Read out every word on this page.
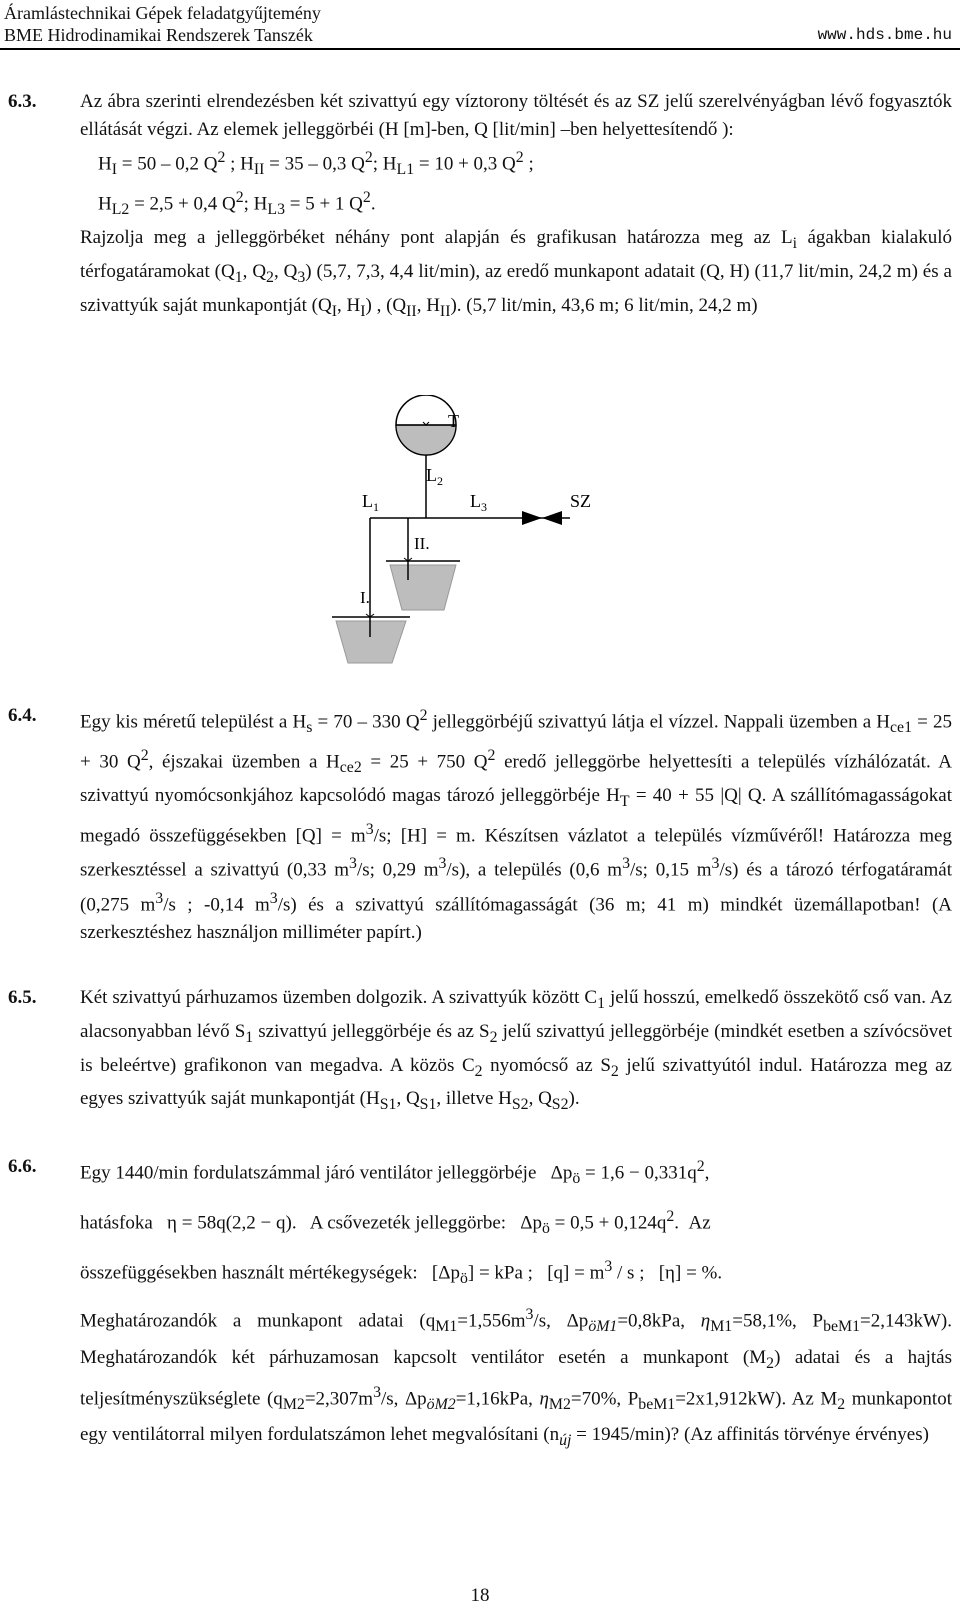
Áramlástechnikai Gépek feladatgyűjtemény
BME Hidrodinamikai Rendszerek Tanszék	www.hds.bme.hu
6.3. Az ábra szerinti elrendezésben két szivattyú egy víztorony töltését és az SZ jelű szerelvényágban lévő fogyasztók ellátását végzi. Az elemek jelleggörbéi (H [m]-ben, Q [lit/min] –ben helyettesítendő ):

$H_I = 50 - 0,2$ $Q^2$ ; $H_{II} = 35 - 0,3$ $Q^2$; $H_{L1} = 10 + 0,3$ $Q^2$ ;

$H_{L2} = 2,5 + 0,4$ $Q^2$; $H_{L3} = 5 + 1$ $Q^2$.

Rajzolja meg a jelleggörbéket néhány pont alapján és grafikusan határozza meg az $L_i$ ágakban kialakuló térfogatáramokat ($Q_1$, $Q_2$, $Q_3$) (5,7, 7,3, 4,4 lit/min), az eredő munkapont adatait (Q, H) (11,7 lit/min, 24,2 m) és a szivattyúk saját munkapontját ($Q_I$, $H_I$) , ($Q_{II}$, $H_{II}$). (5,7 lit/min, 43,6 m; 6 lit/min, 24,2 m)

T
$L_2$
$L_1$	$L_3$	SZ
II.
I.
6.4. Egy kis méretű települést a $H_s = 70 - 330$ $Q^2$ jelleggörbéjű szivattyú látja el vízzel. Nappali üzemben a $H_{ce1} = 25 + 30$ $Q^2$, éjszakai üzemben a $H_{ce2} = 25 + 750$ $Q^2$ eredő jelleggörbe helyettesíti a település vízhálózatát. A szivattyú nyomócsonkjához kapcsolódó magas tározó jelleggörbéje $H_T = 40 + 55$ |Q| Q. A szállítómagasságokat megadó összefüggésekben $[Q] = m^3/s$; [H] = m. Készítsen vázlatot a település vízművéről! Határozza meg szerkesztéssel a szivattyú (0,33 $m^3/s$; 0,29 $m^3/s$), a település (0,6 $m^3/s$; 0,15 $m^3/s$) és a tározó térfogatáramát (0,275 $m^3/s$ ; -0,14 $m^3/s$) és a szivattyú szállítómagasságát (36 m; 41 m) mindkét üzemállapotban! (A szerkesztéshez használjon milliméter papírt.)

6.5. Két szivattyú párhuzamos üzemben dolgozik. A szivattyúk között $C_1$ jelű hosszú, emelkedő összekötő cső van. Az alacsonyabban lévő $S_1$ szivattyú jelleggörbéje és az $S_2$ jelű szivattyú jelleggörbéje (mindkét esetben a szívócsövet is beleértve) grafikonon van megadva. A közös $C_2$ nyomócső az $S_2$ jelű szivattyútól indul. Határozza meg az egyes szivattyúk saját munkapontját ($H_{S1}$, $Q_{S1}$, illetve $H_{S2}$, $Q_{S2}$).

6.6. Egy 1440/min fordulatszámmal járó ventilátor jelleggörbéje   $\Delta p_ö = 1,6 - 0,331q^2$,

hatásfoka   η = 58q(2,2 − q).   A csővezeték jelleggörbe:   $\Delta p_ö = 0,5 + 0,124q^2$.  Az

összefüggésekben használt mértékegységek:   $[\Delta p_ö]$ = kPa ;   $[q] = m^3 / s$ ;   [η] = %.

Meghatározandók a munkapont adatai ($q_{M1}=1,556m^3/s$, $\Delta p_{öM1}=0,8kPa$, $\eta_{M1}=58,1\%$, $P_{beM1}=2,143kW$). Meghatározandók két párhuzamosan kapcsolt ventilátor esetén a munkapont $(M_2)$ adatai és a hajtás teljesítményszükséglete ($q_{M2}=2,307m^3/s$, $\Delta p_{öM2}=1,16kPa$, $\eta_{M2}=70\%$, $P_{beM1}=2x1,912kW$). Az $M_2$ munkapontot egy ventilátorral milyen fordulatszámon lehet megvalósítani $(n_{új} = 1945/\min)$? (Az affinitás törvénye érvényes)

18
